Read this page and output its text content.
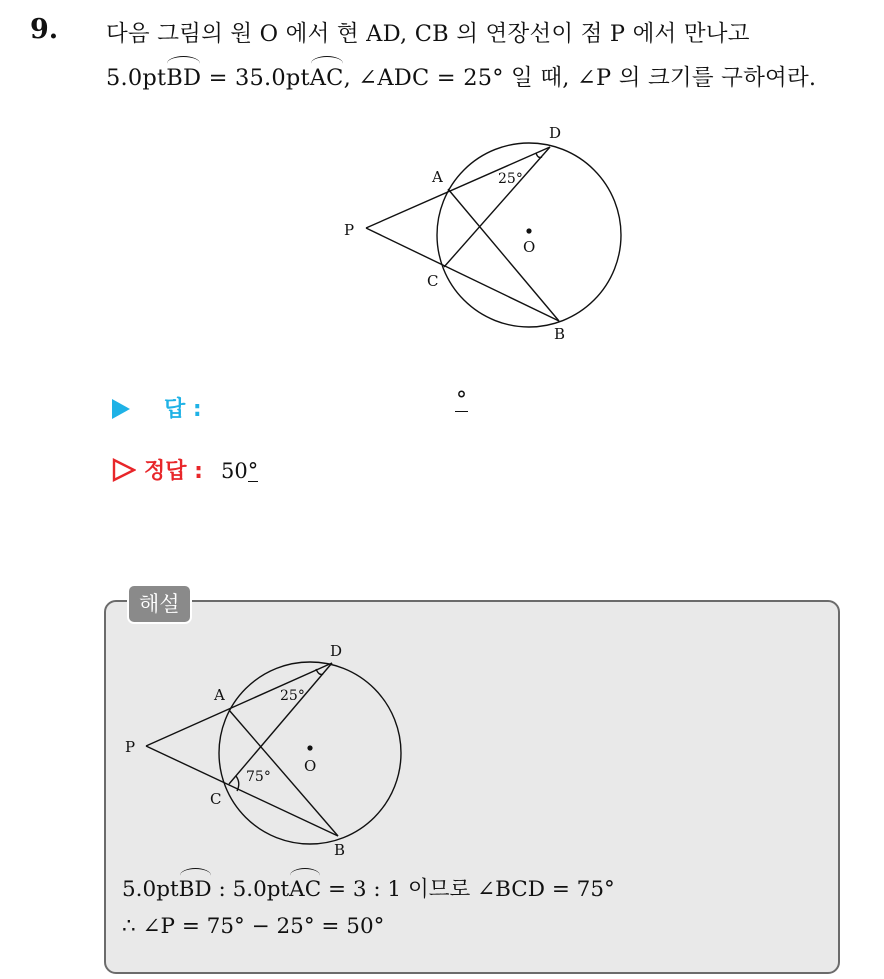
9. 다음 그림의 원 O 에서 현 AD, CB 의 연장선이 점 P 에서 만나고
5.0ptBD = 35.0ptAC, ∠ADC = 25° 일 때, ∠P 의 크기를 구하여라.
D
A
P
O
C
B
25°
답 :	°
정답 : 50°
해설
D
A
P
O
C
B
25°
75°
5.0ptBD : 5.0ptAC = 3 : 1 이므로 ∠BCD = 75°
∴ ∠P = 75° − 25° = 50°
